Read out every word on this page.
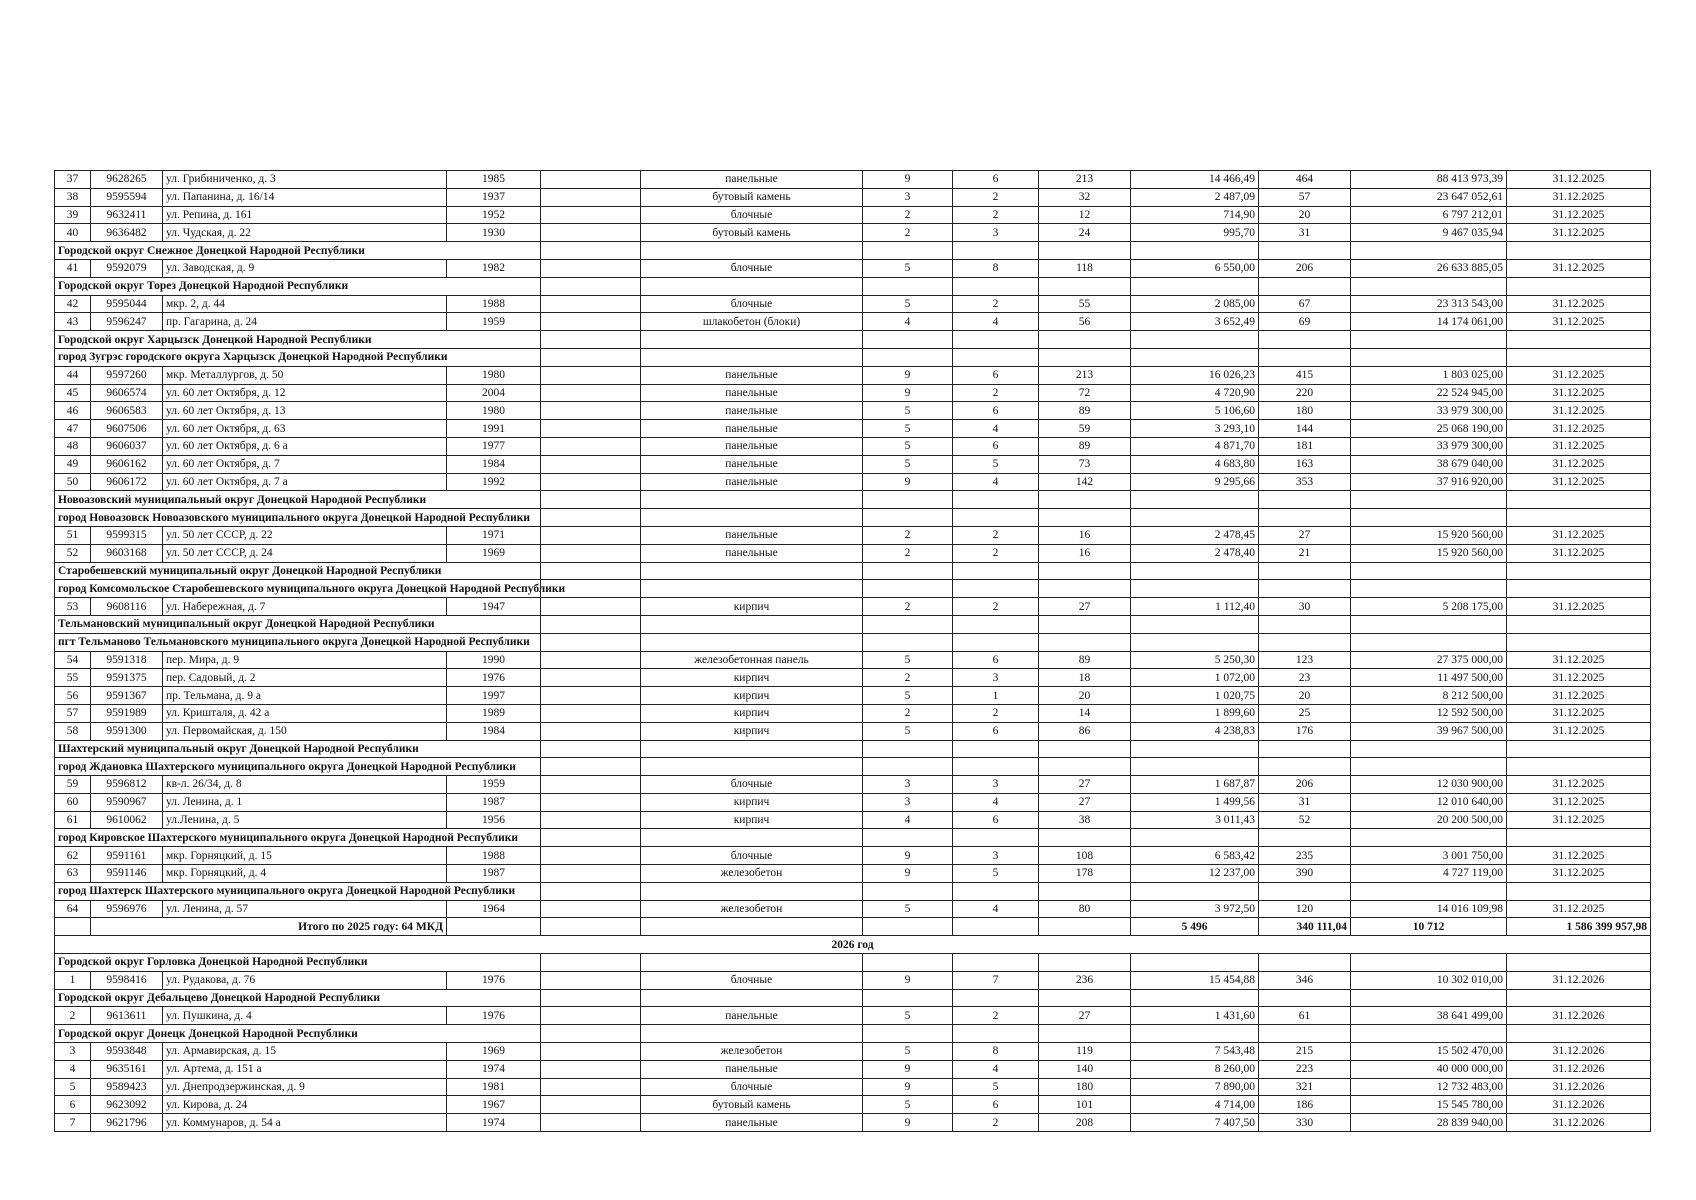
37	9628265	ул. Грибиниченко, д. 3	1985		панельные	9	6	213	14 466,49	464	88 413 973,39	31.12.2025	
38	9595594	ул. Папанина, д. 16/14	1937		бутовый камень	3	2	32	2 487,09	57	23 647 052,61	31.12.2025	
39	9632411	ул. Репина, д. 161	1952		блочные	2	2	12	714,90	20	6 797 212,01	31.12.2025	
40	9636482	ул. Чудская, д. 22	1930		бутовый камень	2	3	24	995,70	31	9 467 035,94	31.12.2025	
Городской округ Снежное Донецкой Народной Республики													
41	9592079	ул. Заводская, д. 9	1982		блочные	5	8	118	6 550,00	206	26 633 885,05	31.12.2025	
Городской округ Торез Донецкой Народной Республики													
42	9595044	мкр. 2, д. 44	1988		блочные	5	2	55	2 085,00	67	23 313 543,00	31.12.2025	
43	9596247	пр. Гагарина, д. 24	1959		шлакобетон (блоки)	4	4	56	3 652,49	69	14 174 061,00	31.12.2025	
Городской округ Харцызск Донецкой Народной Республики													
город Зугрэс городского округа Харцызск Донецкой Народной Республики													
44	9597260	мкр. Металлургов, д. 50	1980		панельные	9	6	213	16 026,23	415	1 803 025,00	31.12.2025	
45	9606574	ул. 60 лет Октября, д. 12	2004		панельные	9	2	72	4 720,90	220	22 524 945,00	31.12.2025	
46	9606583	ул. 60 лет Октября, д. 13	1980		панельные	5	6	89	5 106,60	180	33 979 300,00	31.12.2025	
47	9607506	ул. 60 лет Октября, д. 63	1991		панельные	5	4	59	3 293,10	144	25 068 190,00	31.12.2025	
48	9606037	ул. 60 лет Октября, д. 6 а	1977		панельные	5	6	89	4 871,70	181	33 979 300,00	31.12.2025	
49	9606162	ул. 60 лет Октября, д. 7	1984		панельные	5	5	73	4 683,80	163	38 679 040,00	31.12.2025	
50	9606172	ул. 60 лет Октября, д. 7 а	1992		панельные	9	4	142	9 295,66	353	37 916 920,00	31.12.2025	
Новоазовский муниципальный округ Донецкой Народной Республики													
город Новоазовск Новоазовского муниципального округа Донецкой Народной Республики													
51	9599315	ул. 50 лет СССР, д. 22	1971		панельные	2	2	16	2 478,45	27	15 920 560,00	31.12.2025	
52	9603168	ул. 50 лет СССР, д. 24	1969		панельные	2	2	16	2 478,40	21	15 920 560,00	31.12.2025	
Старобешевский муниципальный округ Донецкой Народной Республики													
город Комсомольское Старобешевского муниципального округа Донецкой Народной Республики													
53	9608116	ул. Набережная, д. 7	1947		кирпич	2	2	27	1 112,40	30	5 208 175,00	31.12.2025	
Тельмановский муниципальный округ Донецкой Народной Республики													
пгт Тельманово Тельмановского муниципального округа Донецкой Народной Республики													
54	9591318	пер. Мира, д. 9	1990		железобетонная панель	5	6	89	5 250,30	123	27 375 000,00	31.12.2025	
55	9591375	пер. Садовый, д. 2	1976		кирпич	2	3	18	1 072,00	23	11 497 500,00	31.12.2025	
56	9591367	пр. Тельмана, д. 9 а	1997		кирпич	5	1	20	1 020,75	20	8 212 500,00	31.12.2025	
57	9591989	ул. Кришталя, д. 42 а	1989		кирпич	2	2	14	1 899,60	25	12 592 500,00	31.12.2025	
58	9591300	ул. Первомайская, д. 150	1984		кирпич	5	6	86	4 238,83	176	39 967 500,00	31.12.2025	
Шахтерский муниципальный округ Донецкой Народной Республики													
город Ждановка Шахтерского муниципального округа Донецкой Народной Республики													
59	9596812	кв-л. 26/34, д. 8	1959		блочные	3	3	27	1 687,87	206	12 030 900,00	31.12.2025	
60	9590967	ул. Ленина, д. 1	1987		кирпич	3	4	27	1 499,56	31	12 010 640,00	31.12.2025	
61	9610062	ул.Ленина, д. 5	1956		кирпич	4	6	38	3 011,43	52	20 200 500,00	31.12.2025	
город Кировское Шахтерского муниципального округа Донецкой Народной Республики													
62	9591161	мкр. Горняцкий, д. 15	1988		блочные	9	3	108	6 583,42	235	3 001 750,00	31.12.2025	
63	9591146	мкр. Горняцкий, д. 4	1987		железобетон	9	5	178	12 237,00	390	4 727 119,00	31.12.2025	
город Шахтерск Шахтерского муниципального округа Донецкой Народной Республики													
64	9596976	ул. Ленина, д. 57	1964		железобетон	5	4	80	3 972,50	120	14 016 109,98	31.12.2025	
	Итого по 2025 году: 64 МКД								5 496	340 111,04	10 712	1 586 399 957,98	
2026 год													
Городской округ Горловка Донецкой Народной Республики													
1	9598416	ул. Рудакова, д. 76	1976		блочные	9	7	236	15 454,88	346	10 302 010,00	31.12.2026	
Городской округ Дебальцево Донецкой Народной Республики													
2	9613611	ул. Пушкина, д. 4	1976		панельные	5	2	27	1 431,60	61	38 641 499,00	31.12.2026	
Городской округ Донецк Донецкой Народной Республики													
3	9593848	ул. Армавирская, д. 15	1969		железобетон	5	8	119	7 543,48	215	15 502 470,00	31.12.2026	
4	9635161	ул. Артема, д. 151 а	1974		панельные	9	4	140	8 260,00	223	40 000 000,00	31.12.2026	
5	9589423	ул. Днепродзержинская, д. 9	1981		блочные	9	5	180	7 890,00	321	12 732 483,00	31.12.2026	
6	9623092	ул. Кирова, д. 24	1967		бутовый камень	5	6	101	4 714,00	186	15 545 780,00	31.12.2026	
7	9621796	ул. Коммунаров, д. 54 а	1974		панельные	9	2	208	7 407,50	330	28 839 940,00	31.12.2026	
